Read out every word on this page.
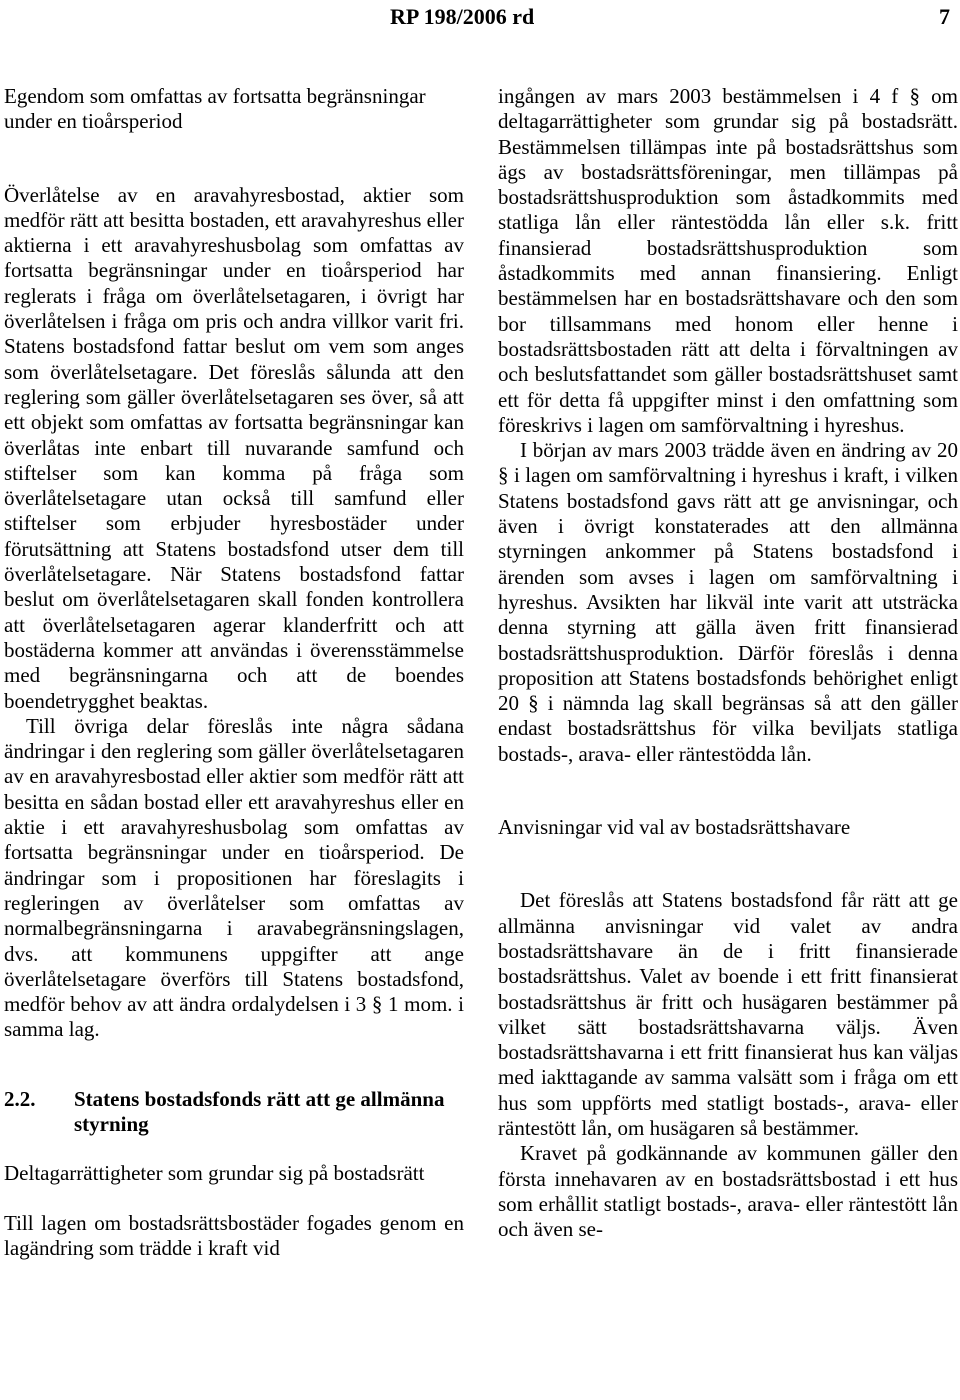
RP 198/2006 rd	7
Egendom som omfattas av fortsatta begränsningar under en tioårsperiod

Överlåtelse av en aravahyresbostad, aktier som medför rätt att besitta bostaden, ett aravahyreshus eller aktierna i ett aravahyreshusbolag som omfattas av fortsatta begränsningar under en tioårsperiod har reglerats i fråga om överlåtelsetagaren, i övrigt har överlåtelsen i fråga om pris och andra villkor varit fri. Statens bostadsfond fattar beslut om vem som anges som överlåtelsetagare. Det föreslås sålunda att den reglering som gäller överlåtelsetagaren ses över, så att ett objekt som omfattas av fortsatta begränsningar kan överlåtas inte enbart till nuvarande samfund och stiftelser som kan komma på fråga som överlåtelsetagare utan också till samfund eller stiftelser som erbjuder hyresbostäder under förutsättning att Statens bostadsfond utser dem till överlåtelsetagare. När Statens bostadsfond fattar beslut om överlåtelsetagaren skall fonden kontrollera att överlåtelsetagaren agerar klanderfritt och att bostäderna kommer att användas i överensstämmelse med begränsningarna och att de boendes boendetrygghet beaktas.

Till övriga delar föreslås inte några sådana ändringar i den reglering som gäller överlåtelsetagaren av en aravahyresbostad eller aktier som medför rätt att besitta en sådan bostad eller ett aravahyreshus eller en aktie i ett aravahyreshusbolag som omfattas av fortsatta begränsningar under en tioårsperiod. De ändringar som i propositionen har föreslagits i regleringen av överlåtelser som omfattas av normalbegränsningarna i aravabegränsningslagen, dvs. att kommunens uppgifter att ange överlåtelsetagare överförs till Statens bostadsfond, medför behov av att ändra ordalydelsen i 3 § 1 mom. i samma lag.

2.2.	Statens bostadsfonds rätt att ge allmänna styrning
Deltagarrättigheter som grundar sig på bostadsrätt

Till lagen om bostadsrättsbostäder fogades genom en lagändring som trädde i kraft vid

ingången av mars 2003 bestämmelsen i 4 f § om deltagarrättigheter som grundar sig på bostadsrätt. Bestämmelsen tillämpas inte på bostadsrättshus som ägs av bostadsrättsföreningar, men tillämpas på bostadsrättshusproduktion som åstadkommits med statliga lån eller räntestödda lån eller s.k. fritt finansierad bostadsrättshusproduktion som åstadkommits med annan finansiering. Enligt bestämmelsen har en bostadsrättshavare och den som bor tillsammans med honom eller henne i bostadsrättsbostaden rätt att delta i förvaltningen av och beslutsfattandet som gäller bostadsrättshuset samt ett för detta få uppgifter minst i den omfattning som föreskrivs i lagen om samförvaltning i hyreshus.

I början av mars 2003 trädde även en ändring av 20 § i lagen om samförvaltning i hyreshus i kraft, i vilken Statens bostadsfond gavs rätt att ge anvisningar, och även i övrigt konstaterades att den allmänna styrningen ankommer på Statens bostadsfond i ärenden som avses i lagen om samförvaltning i hyreshus. Avsikten har likväl inte varit att utsträcka denna styrning att gälla även fritt finansierad bostadsrättshusproduktion. Därför föreslås i denna proposition att Statens bostadsfonds behörighet enligt 20 § i nämnda lag skall begränsas så att den gäller endast bostadsrättshus för vilka beviljats statliga bostads-, arava- eller räntestödda lån.

Anvisningar vid val av bostadsrättshavare

Det föreslås att Statens bostadsfond får rätt att ge allmänna anvisningar vid valet av andra bostadsrättshavare än de i fritt finansierade bostadsrättshus. Valet av boende i ett fritt finansierat bostadsrättshus är fritt och husägaren bestämmer på vilket sätt bostadsrättshavarna väljs. Även bostadsrättshavarna i ett fritt finansierat hus kan väljas med iakttagande av samma valsätt som i fråga om ett hus som uppförts med statligt bostads-, arava- eller räntestött lån, om husägaren så bestämmer.

Kravet på godkännande av kommunen gäller den första innehavaren av en bostadsrättsbostad i ett hus som erhållit statligt bostads-, arava- eller räntestött lån och även se-
